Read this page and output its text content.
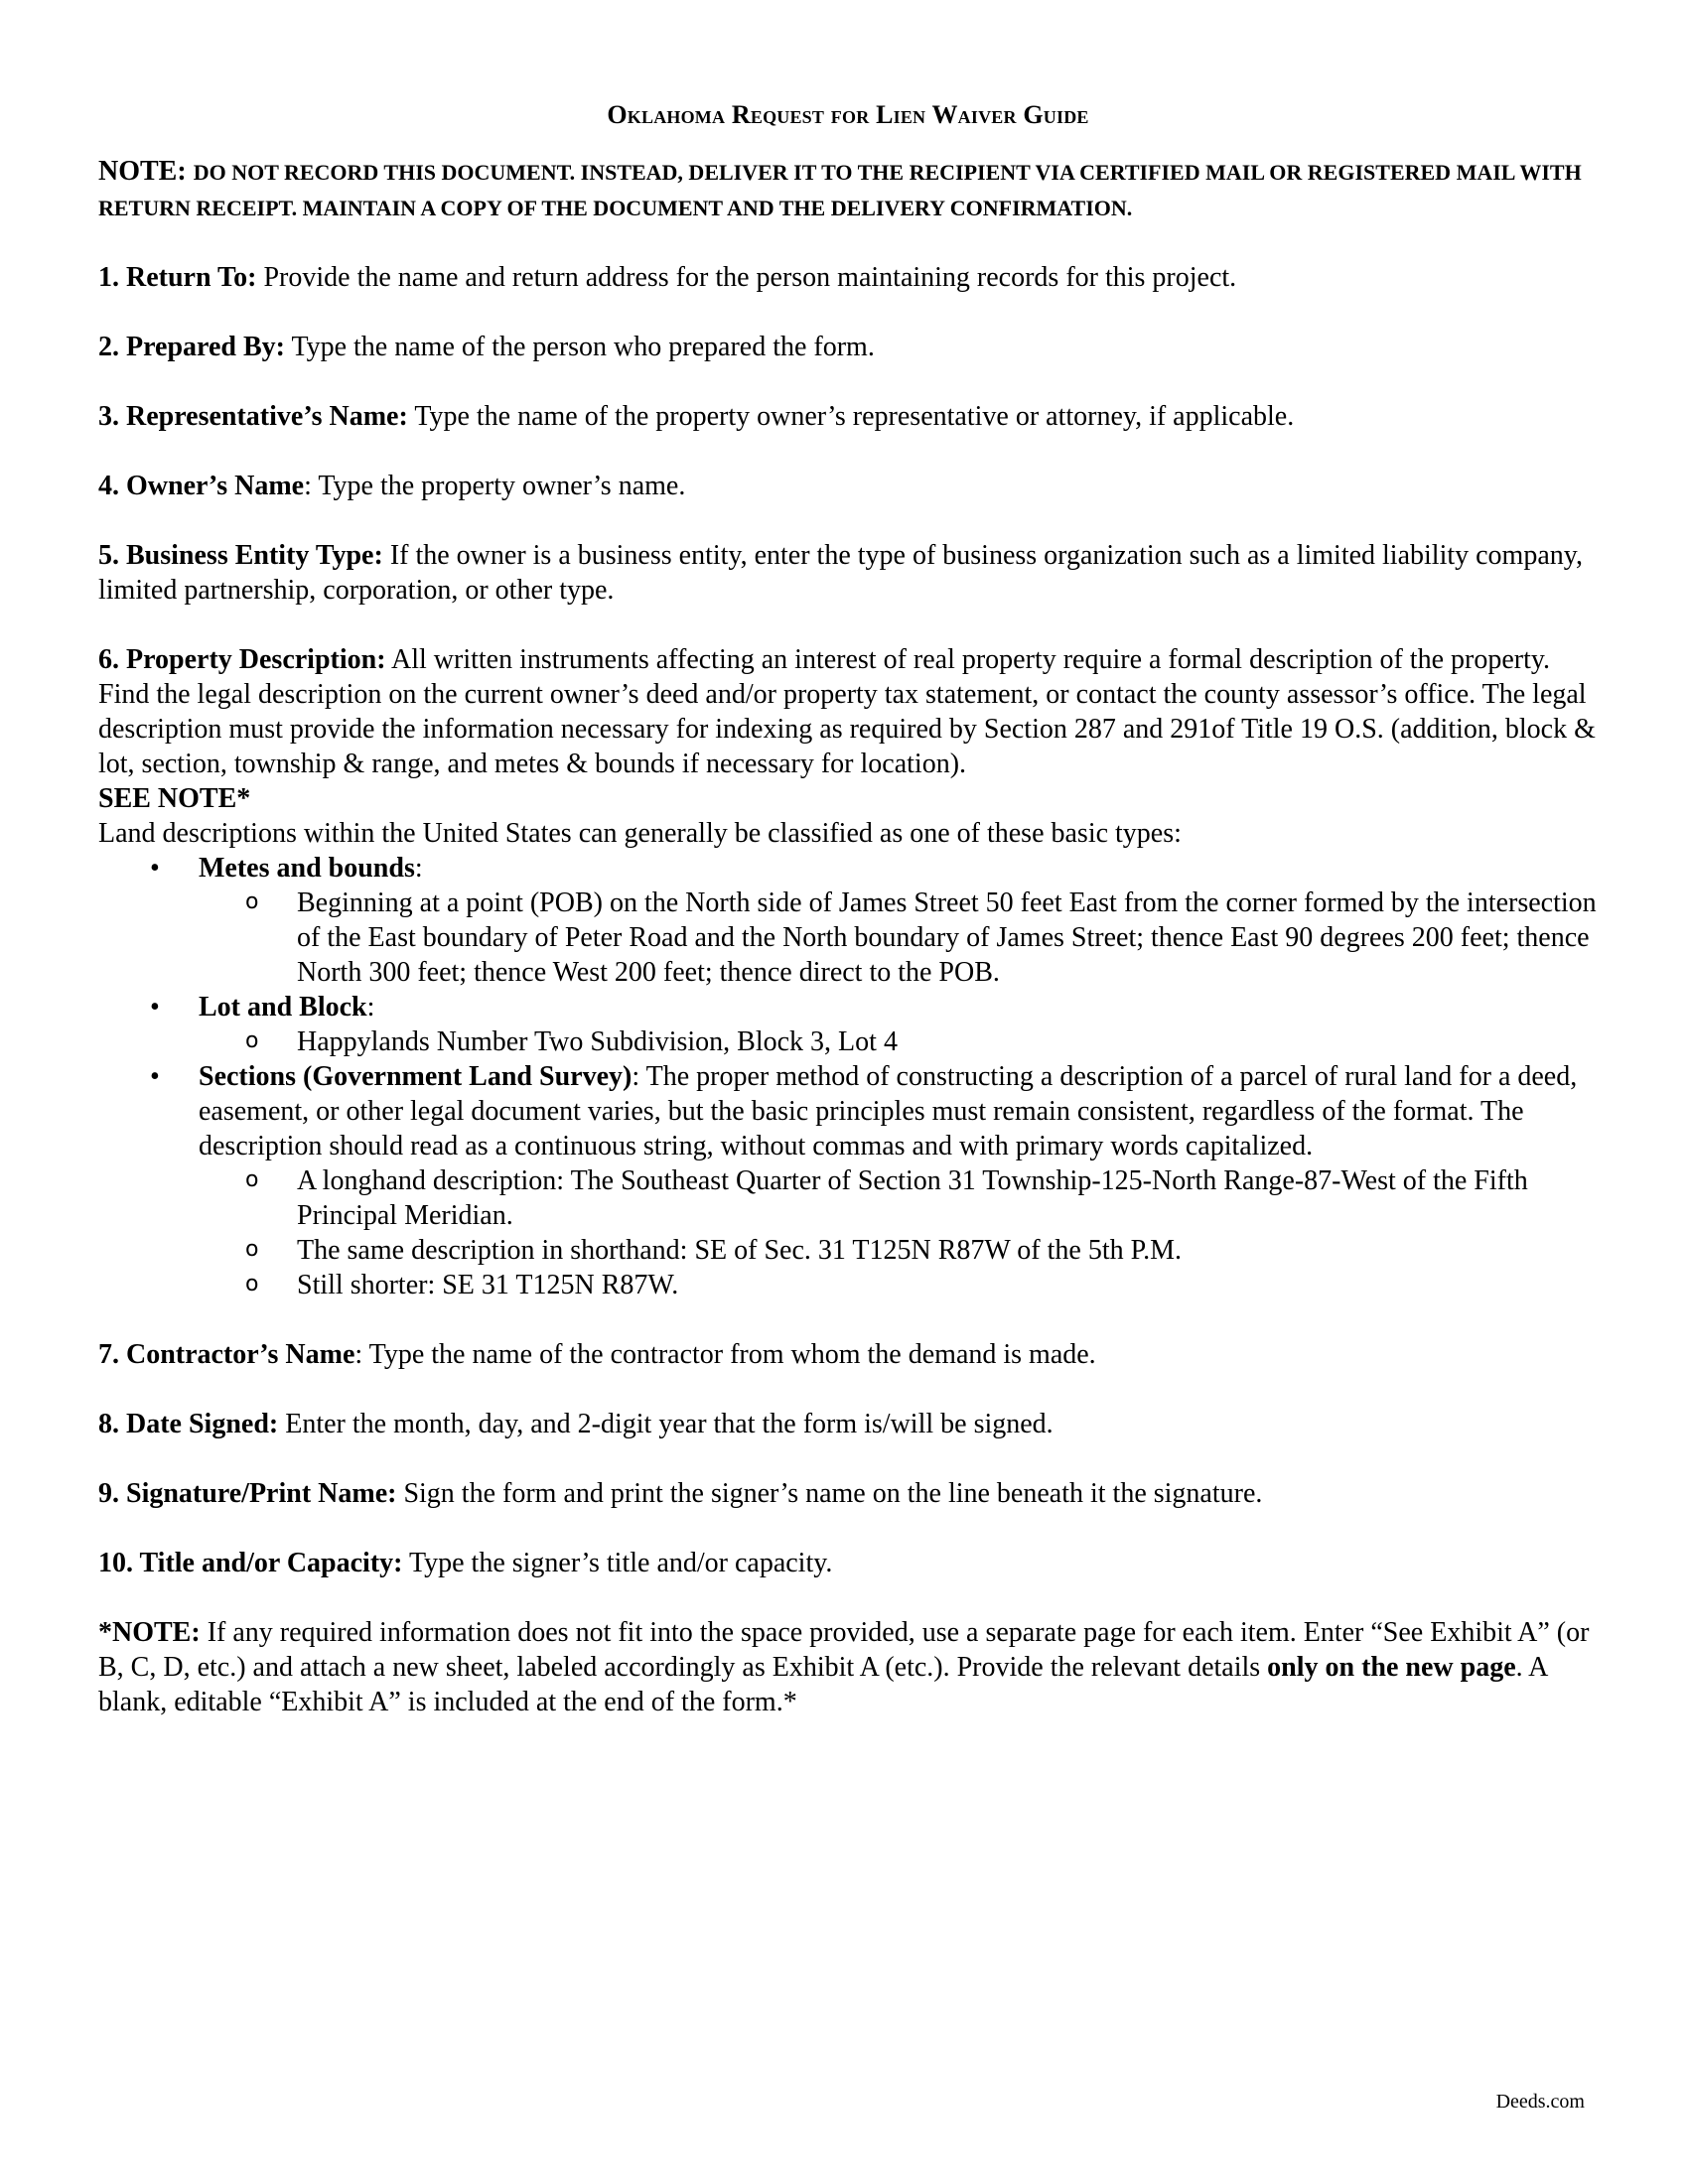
Oklahoma Request for Lien Waiver Guide
NOTE: DO NOT RECORD THIS DOCUMENT. INSTEAD, DELIVER IT TO THE RECIPIENT VIA CERTIFIED MAIL OR REGISTERED MAIL WITH RETURN RECEIPT. MAINTAIN A COPY OF THE DOCUMENT AND THE DELIVERY CONFIRMATION.

1. Return To: Provide the name and return address for the person maintaining records for this project.

2. Prepared By: Type the name of the person who prepared the form.

3. Representative’s Name: Type the name of the property owner’s representative or attorney, if applicable.

4. Owner’s Name: Type the property owner’s name.

5. Business Entity Type: If the owner is a business entity, enter the type of business organization such as a limited liability company, limited partnership, corporation, or other type.

6. Property Description: All written instruments affecting an interest of real property require a formal description of the property. Find the legal description on the current owner’s deed and/or property tax statement, or contact the county assessor’s office. The legal description must provide the information necessary for indexing as required by Section 287 and 291of Title 19 O.S. (addition, block & lot, section, township & range, and metes & bounds if necessary for location).

SEE NOTE*

Land descriptions within the United States can generally be classified as one of these basic types:

• Metes and bounds:
o Beginning at a point (POB) on the North side of James Street 50 feet East from the corner formed by the intersection of the East boundary of Peter Road and the North boundary of James Street; thence East 90 degrees 200 feet; thence North 300 feet; thence West 200 feet; thence direct to the POB.
• Lot and Block:
o Happylands Number Two Subdivision, Block 3, Lot 4
• Sections (Government Land Survey): The proper method of constructing a description of a parcel of rural land for a deed, easement, or other legal document varies, but the basic principles must remain consistent, regardless of the format. The description should read as a continuous string, without commas and with primary words capitalized.
o A longhand description: The Southeast Quarter of Section 31 Township-125-North Range-87-West of the Fifth Principal Meridian.
o The same description in shorthand: SE of Sec. 31 T125N R87W of the 5th P.M.
o Still shorter: SE 31 T125N R87W.

7. Contractor’s Name: Type the name of the contractor from whom the demand is made.

8. Date Signed: Enter the month, day, and 2-digit year that the form is/will be signed.

9. Signature/Print Name: Sign the form and print the signer’s name on the line beneath it the signature.

10. Title and/or Capacity: Type the signer’s title and/or capacity.

*NOTE: If any required information does not fit into the space provided, use a separate page for each item. Enter “See Exhibit A” (or B, C, D, etc.) and attach a new sheet, labeled accordingly as Exhibit A (etc.). Provide the relevant details only on the new page. A blank, editable “Exhibit A” is included at the end of the form.*

Deeds.com
